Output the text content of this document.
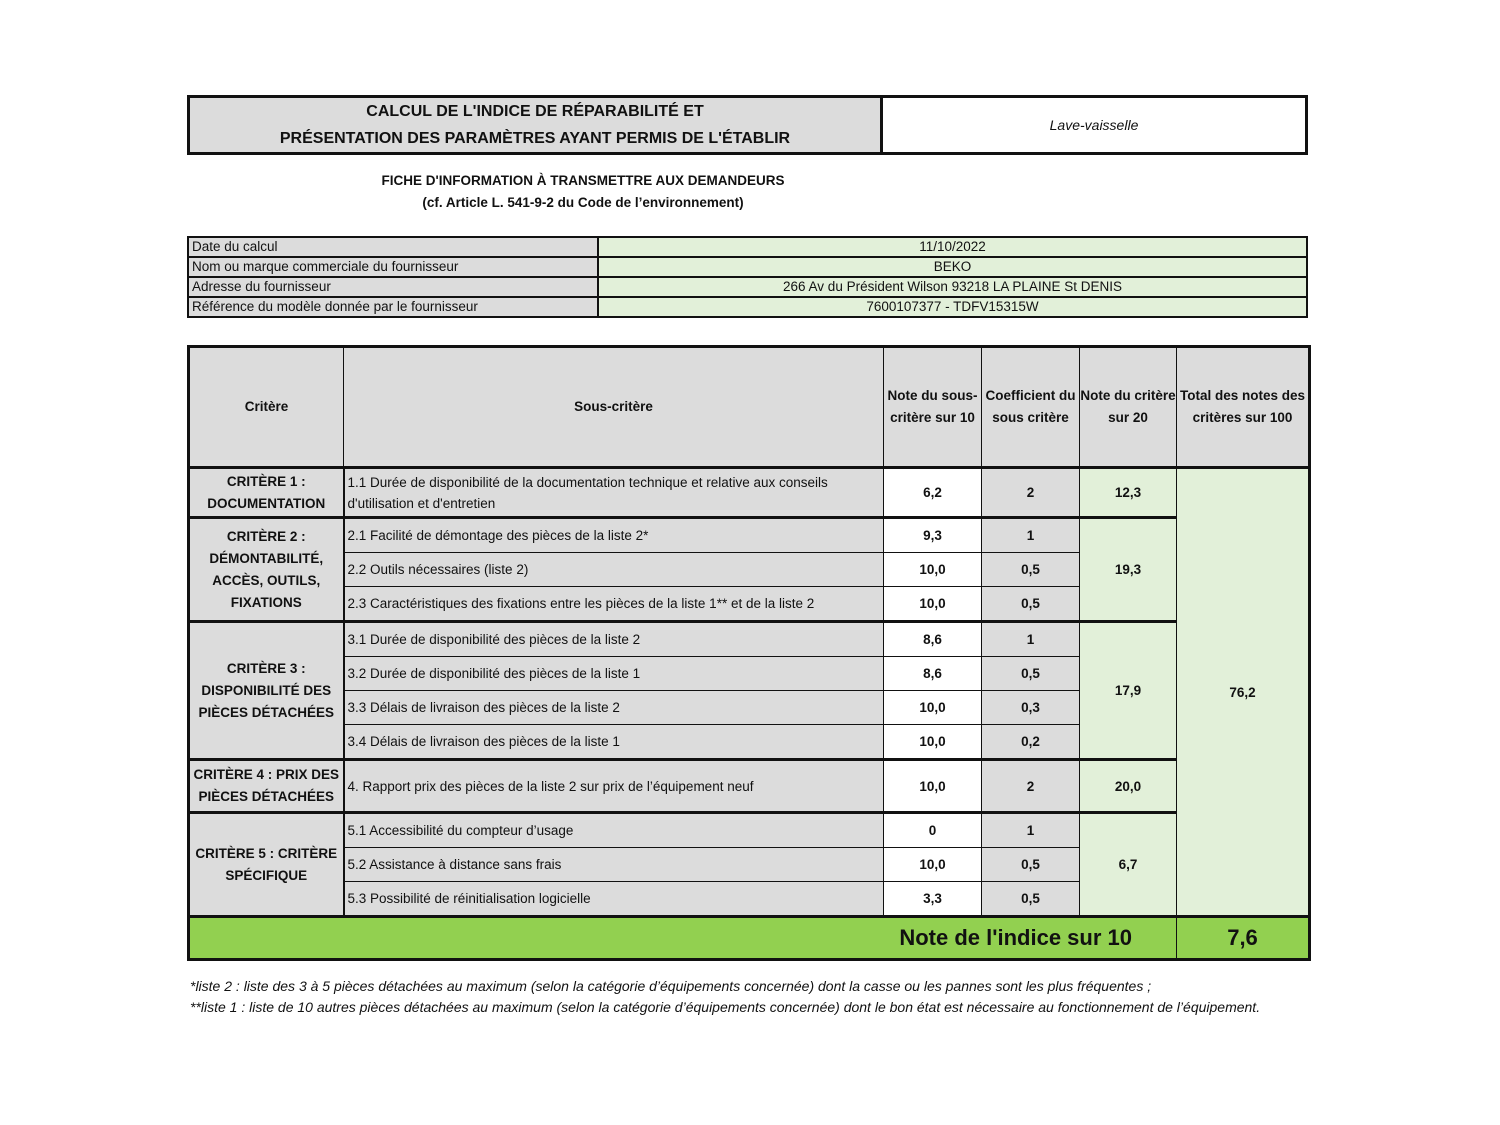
CALCUL DE L'INDICE DE RÉPARABILITÉ ET
PRÉSENTATION DES PARAMÈTRES AYANT PERMIS DE L'ÉTABLIR
	Lave-vaisselle
FICHE D'INFORMATION À TRANSMETTRE AUX DEMANDEURS
(cf. Article L. 541-9-2 du Code de l’environnement)
Date du calcul	11/10/2022
Nom ou marque commerciale du fournisseur	BEKO
Adresse du fournisseur	266 Av du Président Wilson 93218 LA PLAINE St DENIS
Référence du modèle donnée par le fournisseur	7600107377 - TDFV15315W
Critère	Sous-critère	Note du sous-critère sur 10	Coefficient du sous critère	Note du critère sur 20	Total des notes des critères sur 100
CRITÈRE 1 : DOCUMENTATION	1.1 Durée de disponibilité de la documentation technique et relative aux conseils d'utilisation et d'entretien	6,2	2	12,3	76,2
CRITÈRE 2 : DÉMONTABILITÉ, ACCÈS, OUTILS, FIXATIONS	2.1 Facilité de démontage des pièces de la liste 2*	9,3	1	19,3	
	2.2 Outils nécessaires (liste 2)	10,0	0,5		
	2.3 Caractéristiques des fixations entre les pièces de la liste 1** et de la liste 2	10,0	0,5		
CRITÈRE 3 : DISPONIBILITÉ DES PIÈCES DÉTACHÉES	3.1 Durée de disponibilité des pièces de la liste 2	8,6	1	17,9	
	3.2 Durée de disponibilité des pièces de la liste 1	8,6	0,5		
	3.3 Délais de livraison des pièces de la liste 2	10,0	0,3		
	3.4 Délais de livraison des pièces de la liste 1	10,0	0,2		
CRITÈRE 4 : PRIX DES PIÈCES DÉTACHÉES	4. Rapport prix des pièces de la liste 2 sur prix de l’équipement neuf	10,0	2	20,0	
CRITÈRE 5 : CRITÈRE SPÉCIFIQUE	5.1 Accessibilité du compteur d’usage	0	1	6,7	
	5.2 Assistance à distance sans frais	10,0	0,5		
	5.3 Possibilité de réinitialisation logicielle	3,3	0,5		
Note de l'indice sur 10					7,6
*liste 2 : liste des 3 à 5 pièces détachées au maximum (selon la catégorie d’équipements concernée) dont la casse ou les pannes sont les plus fréquentes ;
**liste 1 : liste de 10 autres pièces détachées au maximum (selon la catégorie d’équipements concernée) dont le bon état est nécessaire au fonctionnement de l’équipement.
